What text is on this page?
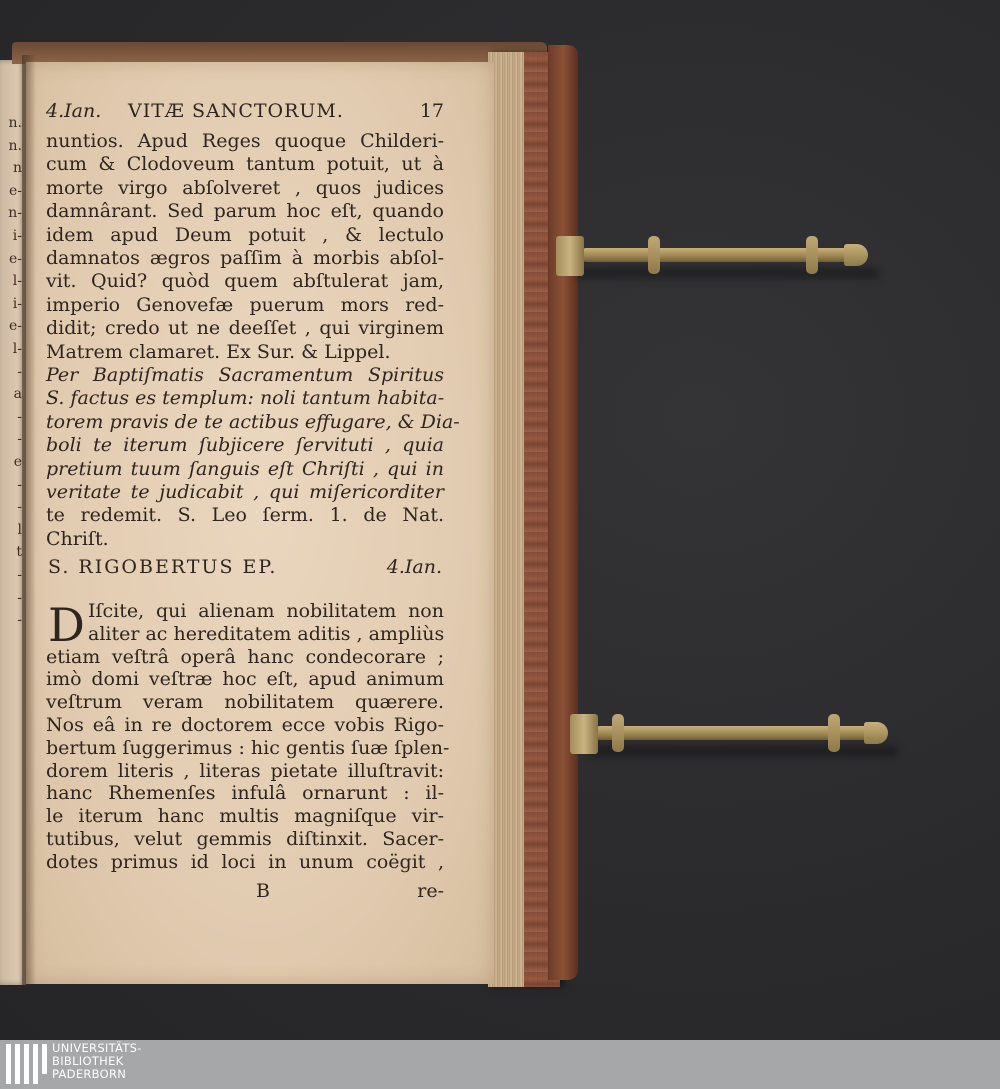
n.
n.
n
e-
n-
i-
e-
l-
i-
e-
l-
-
a
-
-
e
-
-
l
t
-
-
-
4.Ian. VITÆ SANCTORUM.	17
S. RIGOBERTUS EP.	4.Ian.
D
B	re-
nuntios. Apud Reges quoque Childeri-
cum & Clodoveum tantum potuit, ut à
morte virgo abſolveret , quos judices
damnârant. Sed parum hoc eſt, quando
idem apud Deum potuit , & lectulo
damnatos ægros paſſim à morbis abſol-
vit. Quid? quòd quem abſtulerat jam,
imperio Genovefæ puerum mors red-
didit; credo ut ne deeſſet , qui virginem
Matrem clamaret. Ex Sur. & Lippel.
Per Baptiſmatis Sacramentum Spiritus
S. factus es templum: noli tantum habita-
torem pravis de te actibus effugare, & Dia-
boli te iterum ſubjicere ſervituti , quia
pretium tuum ſanguis eſt Chriſti , qui in
veritate te judicabit , qui miſericorditer
te redemit. S. Leo ſerm. 1. de Nat.
Chriſt.
Iſcite, qui alienam nobilitatem non
aliter ac hereditatem aditis , ampliùs
etiam veſtrâ operâ hanc condecorare ;
imò domi veſtræ hoc eſt, apud animum
veſtrum veram nobilitatem quærere.
Nos eâ in re doctorem ecce vobis Rigo-
bertum ſuggerimus : hic gentis ſuæ ſplen-
dorem literis , literas pietate illuſtravit:
hanc Rhemenſes infulâ ornarunt : il-
le iterum hanc multis magniſque vir-
tutibus, velut gemmis diſtinxit. Sacer-
dotes primus id loci in unum coëgit ,
UNIVERSITÄTS-
BIBLIOTHEK
PADERBORN
